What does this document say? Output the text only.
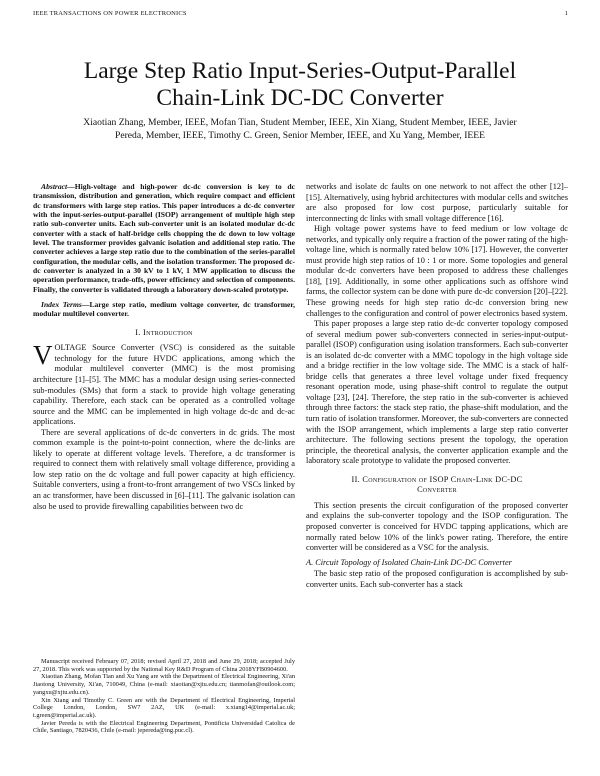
IEEE TRANSACTIONS ON POWER ELECTRONICS	1
Large Step Ratio Input-Series-Output-Parallel
Chain-Link DC-DC Converter
Xiaotian Zhang, Member, IEEE, Mofan Tian, Student Member, IEEE, Xin Xiang, Student Member, IEEE, Javier
Pereda, Member, IEEE, Timothy C. Green, Senior Member, IEEE, and Xu Yang, Member, IEEE

Abstract—High-voltage and high-power dc-dc conversion is key to dc transmission, distribution and generation, which require compact and efficient dc transformers with large step ratios. This paper introduces a dc-dc converter with the input-series-output-parallel (ISOP) arrangement of multiple high step ratio sub-converter units. Each sub-converter unit is an isolated modular dc-dc converter with a stack of half-bridge cells chopping the dc down to low voltage level. The transformer provides galvanic isolation and additional step ratio. The converter achieves a large step ratio due to the combination of the series-parallel configuration, the modular cells, and the isolation transformer. The proposed dc-dc converter is analyzed in a 30 kV to 1 kV, 1 MW application to discuss the operation performance, trade-offs, power efficiency and selection of components. Finally, the converter is validated through a laboratory down-scaled prototype.

Index Terms—Large step ratio, medium voltage converter, dc transformer, modular multilevel converter.

I. Introduction

VOLTAGE Source Converter (VSC) is considered as the suitable technology for the future HVDC applications, among which the modular multilevel converter (MMC) is the most promising architecture [1]–[5]. The MMC has a modular design using series-connected sub-modules (SMs) that form a stack to provide high voltage generating capability. Therefore, each stack can be operated as a controlled voltage source and the MMC can be implemented in high voltage dc-dc and dc-ac applications.

There are several applications of dc-dc converters in dc grids. The most common example is the point-to-point connection, where the dc-links are likely to operate at different voltage levels. Therefore, a dc transformer is required to connect them with relatively small voltage difference, providing a low step ratio on the dc voltage and full power capacity at high efficiency. Suitable converters, using a front-to-front arrangement of two VSCs linked by an ac transformer, have been discussed in [6]–[11]. The galvanic isolation can also be used to provide firewalling capabilities between two dc

networks and isolate dc faults on one network to not affect the other [12]–[15]. Alternatively, using hybrid architectures with modular cells and switches are also proposed for low cost purpose, particularly suitable for interconnecting dc links with small voltage difference [16].

High voltage power systems have to feed medium or low voltage dc networks, and typically only require a fraction of the power rating of the high-voltage line, which is normally rated below 10% [17]. However, the converter must provide high step ratios of 10 : 1 or more. Some topologies and general modular dc-dc converters have been proposed to address these challenges [18], [19]. Additionally, in some other applications such as offshore wind farms, the collector system can be done with pure dc-dc conversion [20]–[22]. These growing needs for high step ratio dc-dc conversion bring new challenges to the configuration and control of power electronics based system.

This paper proposes a large step ratio dc-dc converter topology composed of several medium power sub-converters connected in series-input-output-parallel (ISOP) configuration using isolation transformers. Each sub-converter is an isolated dc-dc converter with a MMC topology in the high voltage side and a bridge rectifier in the low voltage side. The MMC is a stack of half-bridge cells that generates a three level voltage under fixed frequency resonant operation mode, using phase-shift control to regulate the output voltage [23], [24]. Therefore, the step ratio in the sub-converter is achieved through three factors: the stack step ratio, the phase-shift modulation, and the turn ratio of isolation transformer. Moreover, the sub-converters are connected with the ISOP arrangement, which implements a large step ratio converter architecture. The following sections present the topology, the operation principle, the theoretical analysis, the converter application example and the laboratory scale prototype to validate the proposed converter.

II. Configuration of ISOP Chain-Link DC-DC
Converter

This section presents the circuit configuration of the proposed converter and explains the sub-converter topology and the ISOP configuration. The proposed converter is conceived for HVDC tapping applications, which are normally rated below 10% of the link's power rating. Therefore, the entire converter will be considered as a VSC for the analysis.

A. Circuit Topology of Isolated Chain-Link DC-DC Converter

The basic step ratio of the proposed configuration is accomplished by sub-converter units. Each sub-converter has a stack

Manuscript received February 07, 2018; revised April 27, 2018 and June 29, 2018; accepted July 27, 2018. This work was supported by the National Key R&D Program of China 2018YFB0904600.

Xiaotian Zhang, Mofan Tian and Xu Yang are with the Department of Electrical Engineering, Xi'an Jiaotong University, Xi'an, 710049, China (e-mail: xiaotian@xjtu.edu.cn; tianmofan@outlook.com; yangxu@xjtu.edu.cn).

Xin Xiang and Timothy C. Green are with the Department of Electrical Engineering, Imperial College London, London, SW7 2AZ, UK (e-mail: x.xiang14@imperial.ac.uk; t.green@imperial.ac.uk).

Javier Pereda is with the Electrical Engineering Department, Pontificia Universidad Catolica de Chile, Santiago, 7820436, Chile (e-mail: jepereda@ing.puc.cl).
